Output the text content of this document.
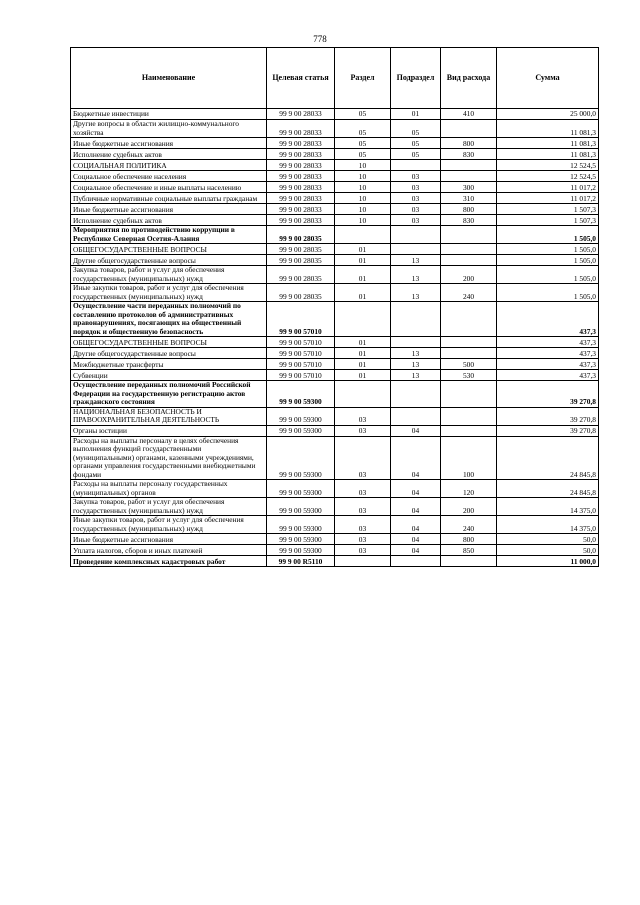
778
Наименование	Целевая статья	Раздел	Подраздел	Вид расхода	Сумма
Бюджетные инвестиции	99 9 00 28033	05	01	410	25 000,0
Другие вопросы в области жилищно-коммунального хозяйства	99 9 00 28033	05	05		11 081,3
Иные бюджетные ассигнования	99 9 00 28033	05	05	800	11 081,3
Исполнение судебных актов	99 9 00 28033	05	05	830	11 081,3
СОЦИАЛЬНАЯ ПОЛИТИКА	99 9 00 28033	10			12 524,5
Социальное обеспечение населения	99 9 00 28033	10	03		12 524,5
Социальное обеспечение и иные выплаты населению	99 9 00 28033	10	03	300	11 017,2
Публичные нормативные социальные выплаты гражданам	99 9 00 28033	10	03	310	11 017,2
Иные бюджетные ассигнования	99 9 00 28033	10	03	800	1 507,3
Исполнение судебных актов	99 9 00 28033	10	03	830	1 507,3
Мероприятия по противодействию коррупции в Республике Северная Осетия-Алания	99 9 00 28035				1 505,0
ОБЩЕГОСУДАРСТВЕННЫЕ ВОПРОСЫ	99 9 00 28035	01			1 505,0
Другие общегосударственные вопросы	99 9 00 28035	01	13		1 505,0
Закупка товаров, работ и услуг для обеспечения государственных (муниципальных) нужд	99 9 00 28035	01	13	200	1 505,0
Иные закупки товаров, работ и услуг для обеспечения государственных (муниципальных) нужд	99 9 00 28035	01	13	240	1 505,0
Осуществление части переданных полномочий по составлению протоколов об административных правонарушениях, посягающих на общественный порядок и общественную безопасность	99 9 00 57010				437,3
ОБЩЕГОСУДАРСТВЕННЫЕ ВОПРОСЫ	99 9 00 57010	01			437,3
Другие общегосударственные вопросы	99 9 00 57010	01	13		437,3
Межбюджетные трансферты	99 9 00 57010	01	13	500	437,3
Субвенции	99 9 00 57010	01	13	530	437,3
Осуществление переданных полномочий Российской Федерации на государственную регистрацию актов гражданского состояния	99 9 00 59300				39 270,8
НАЦИОНАЛЬНАЯ БЕЗОПАСНОСТЬ И ПРАВООХРАНИТЕЛЬНАЯ ДЕЯТЕЛЬНОСТЬ	99 9 00 59300	03			39 270,8
Органы юстиции	99 9 00 59300	03	04		39 270,8
Расходы на выплаты персоналу в целях обеспечения выполнения функций государственными (муниципальными) органами, казенными учреждениями, органами управления государственными внебюджетными фондами	99 9 00 59300	03	04	100	24 845,8
Расходы на выплаты персоналу государственных (муниципальных) органов	99 9 00 59300	03	04	120	24 845,8
Закупка товаров, работ и услуг для обеспечения государственных (муниципальных) нужд	99 9 00 59300	03	04	200	14 375,0
Иные закупки товаров, работ и услуг для обеспечения государственных (муниципальных) нужд	99 9 00 59300	03	04	240	14 375,0
Иные бюджетные ассигнования	99 9 00 59300	03	04	800	50,0
Уплата налогов, сборов и иных платежей	99 9 00 59300	03	04	850	50,0
Проведение комплексных кадастровых работ	99 9 00 R5110				11 000,0
